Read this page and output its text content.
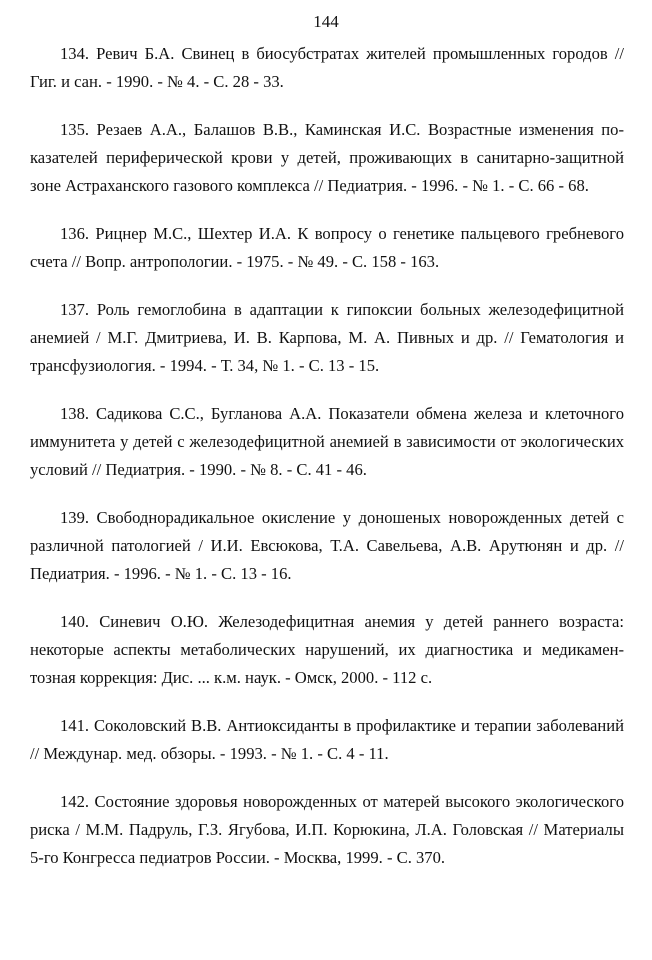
144

134. Ревич Б.А. Свинец в биосубстратах жителей промышленных городов // Гиг. и сан. - 1990. - № 4. - С. 28 - 33.

135. Резаев А.А., Балашов В.В., Каминская И.С. Возрастные изменения показателей периферической крови у детей, проживающих в санитарно-защитной зоне Астраханского газового комплекса // Педиатрия. - 1996. - № 1. - С. 66 - 68.

136. Рицнер М.С., Шехтер И.А. К вопросу о генетике пальцевого гребневого счета // Вопр. антропологии. - 1975. - № 49. - С. 158 - 163.

137. Роль гемоглобина в адаптации к гипоксии больных железодефицитной анемией / М.Г. Дмитриева, И. В. Карпова, М. А. Пивных и др. // Гематология и трансфузиология. - 1994. - Т. 34, № 1. - С. 13 - 15.

138. Садикова С.С., Бугланова А.А. Показатели обмена железа и клеточного иммунитета у детей с железодефицитной анемией в зависимости от экологических условий // Педиатрия. - 1990. - № 8. - С. 41 - 46.

139. Свободнорадикальное окисление у доношеных новорожденных детей с различной патологией / И.И. Евсюкова, Т.А. Савельева, А.В. Арутюнян и др. // Педиатрия. - 1996. - № 1. - С. 13 - 16.

140. Синевич О.Ю. Железодефицитная анемия у детей раннего возраста: некоторые аспекты метаболических нарушений, их диагностика и медикаментозная коррекция: Дис. ... к.м. наук. - Омск, 2000. - 112 с.

141. Соколовский В.В. Антиоксиданты в профилактике и терапии заболеваний // Междунар. мед. обзоры. - 1993. - № 1. - С. 4 - 11.

142. Состояние здоровья новорожденных от матерей высокого экологического риска / М.М. Падруль, Г.З. Ягубова, И.П. Корюкина, Л.А. Головская // Материалы 5-го Конгресса педиатров России. - Москва, 1999. - С. 370.
